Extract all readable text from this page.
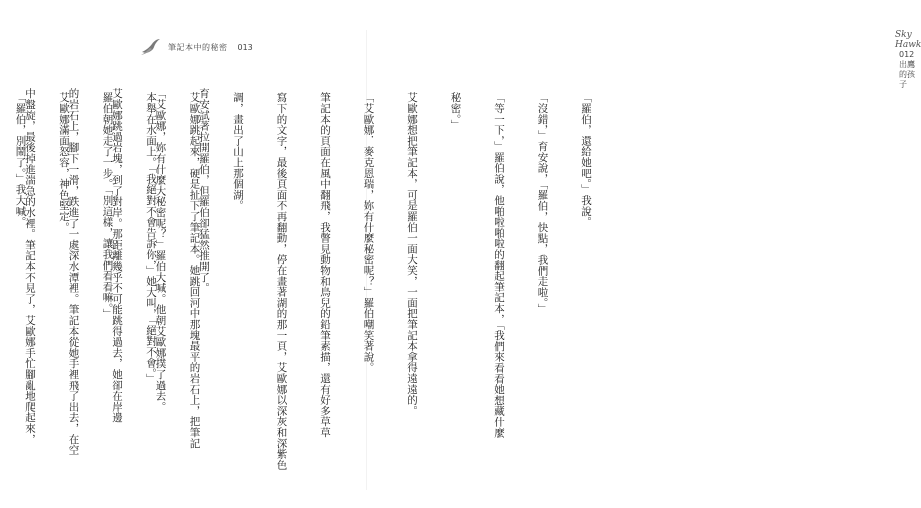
筆記本中的秘密 013

育安試著拉開羅伯，但羅伯卻猛然推開了。

「艾歐娜，妳有什麼大秘密呢？」羅伯大喊。他朝艾歐娜撲了過去。

艾歐娜跳過岩塊，到了對岸。那距離幾乎不可能跳得過去，她卻在岸邊

的岩石上，腳下一滑，跌進了一處深水潭裡。筆記本從她手裡飛了出去，在空

中盤旋，最後掉進湍急的水裡。筆記本不見了，艾歐娜手忙腳亂地爬起來，

Sky Hawk 012
出鷹的孩子

「羅伯，還給她吧。」我說。

「沒錯，」育安說，「羅伯，快點，我們走啦。」

「等一下，」羅伯說，他啪啦啪啦的翻起筆記本，「我們來看看她想藏什麼

秘密。」

艾歐娜想把筆記本，可是羅伯一面大笑，一面把筆記本拿得遠遠的。

「艾歐娜．麥克恩瑞，妳有什麼秘密呢？」羅伯嘲笑著說。

筆記本的頁面在風中翻飛，我瞥見動物和鳥兒的鉛筆素描，還有好多草草

寫下的文字，最後頁面不再翻動，停在畫著湖的那一頁，艾歐娜以深灰和深紫色

調，畫出了山上那個湖。

艾歐娜跳起來，硬是扯下了筆記本。她跳回河中那塊最平的岩石上，把筆記

本舉在水面上。「我絕對不會告訴你，」她大叫，「絕對不會。」

羅伯朝她走了一步。「別這樣，讓我們看看嘛。」

艾歐娜滿面怒容，神色堅定。

「羅伯，別鬧了。」我大喊。
